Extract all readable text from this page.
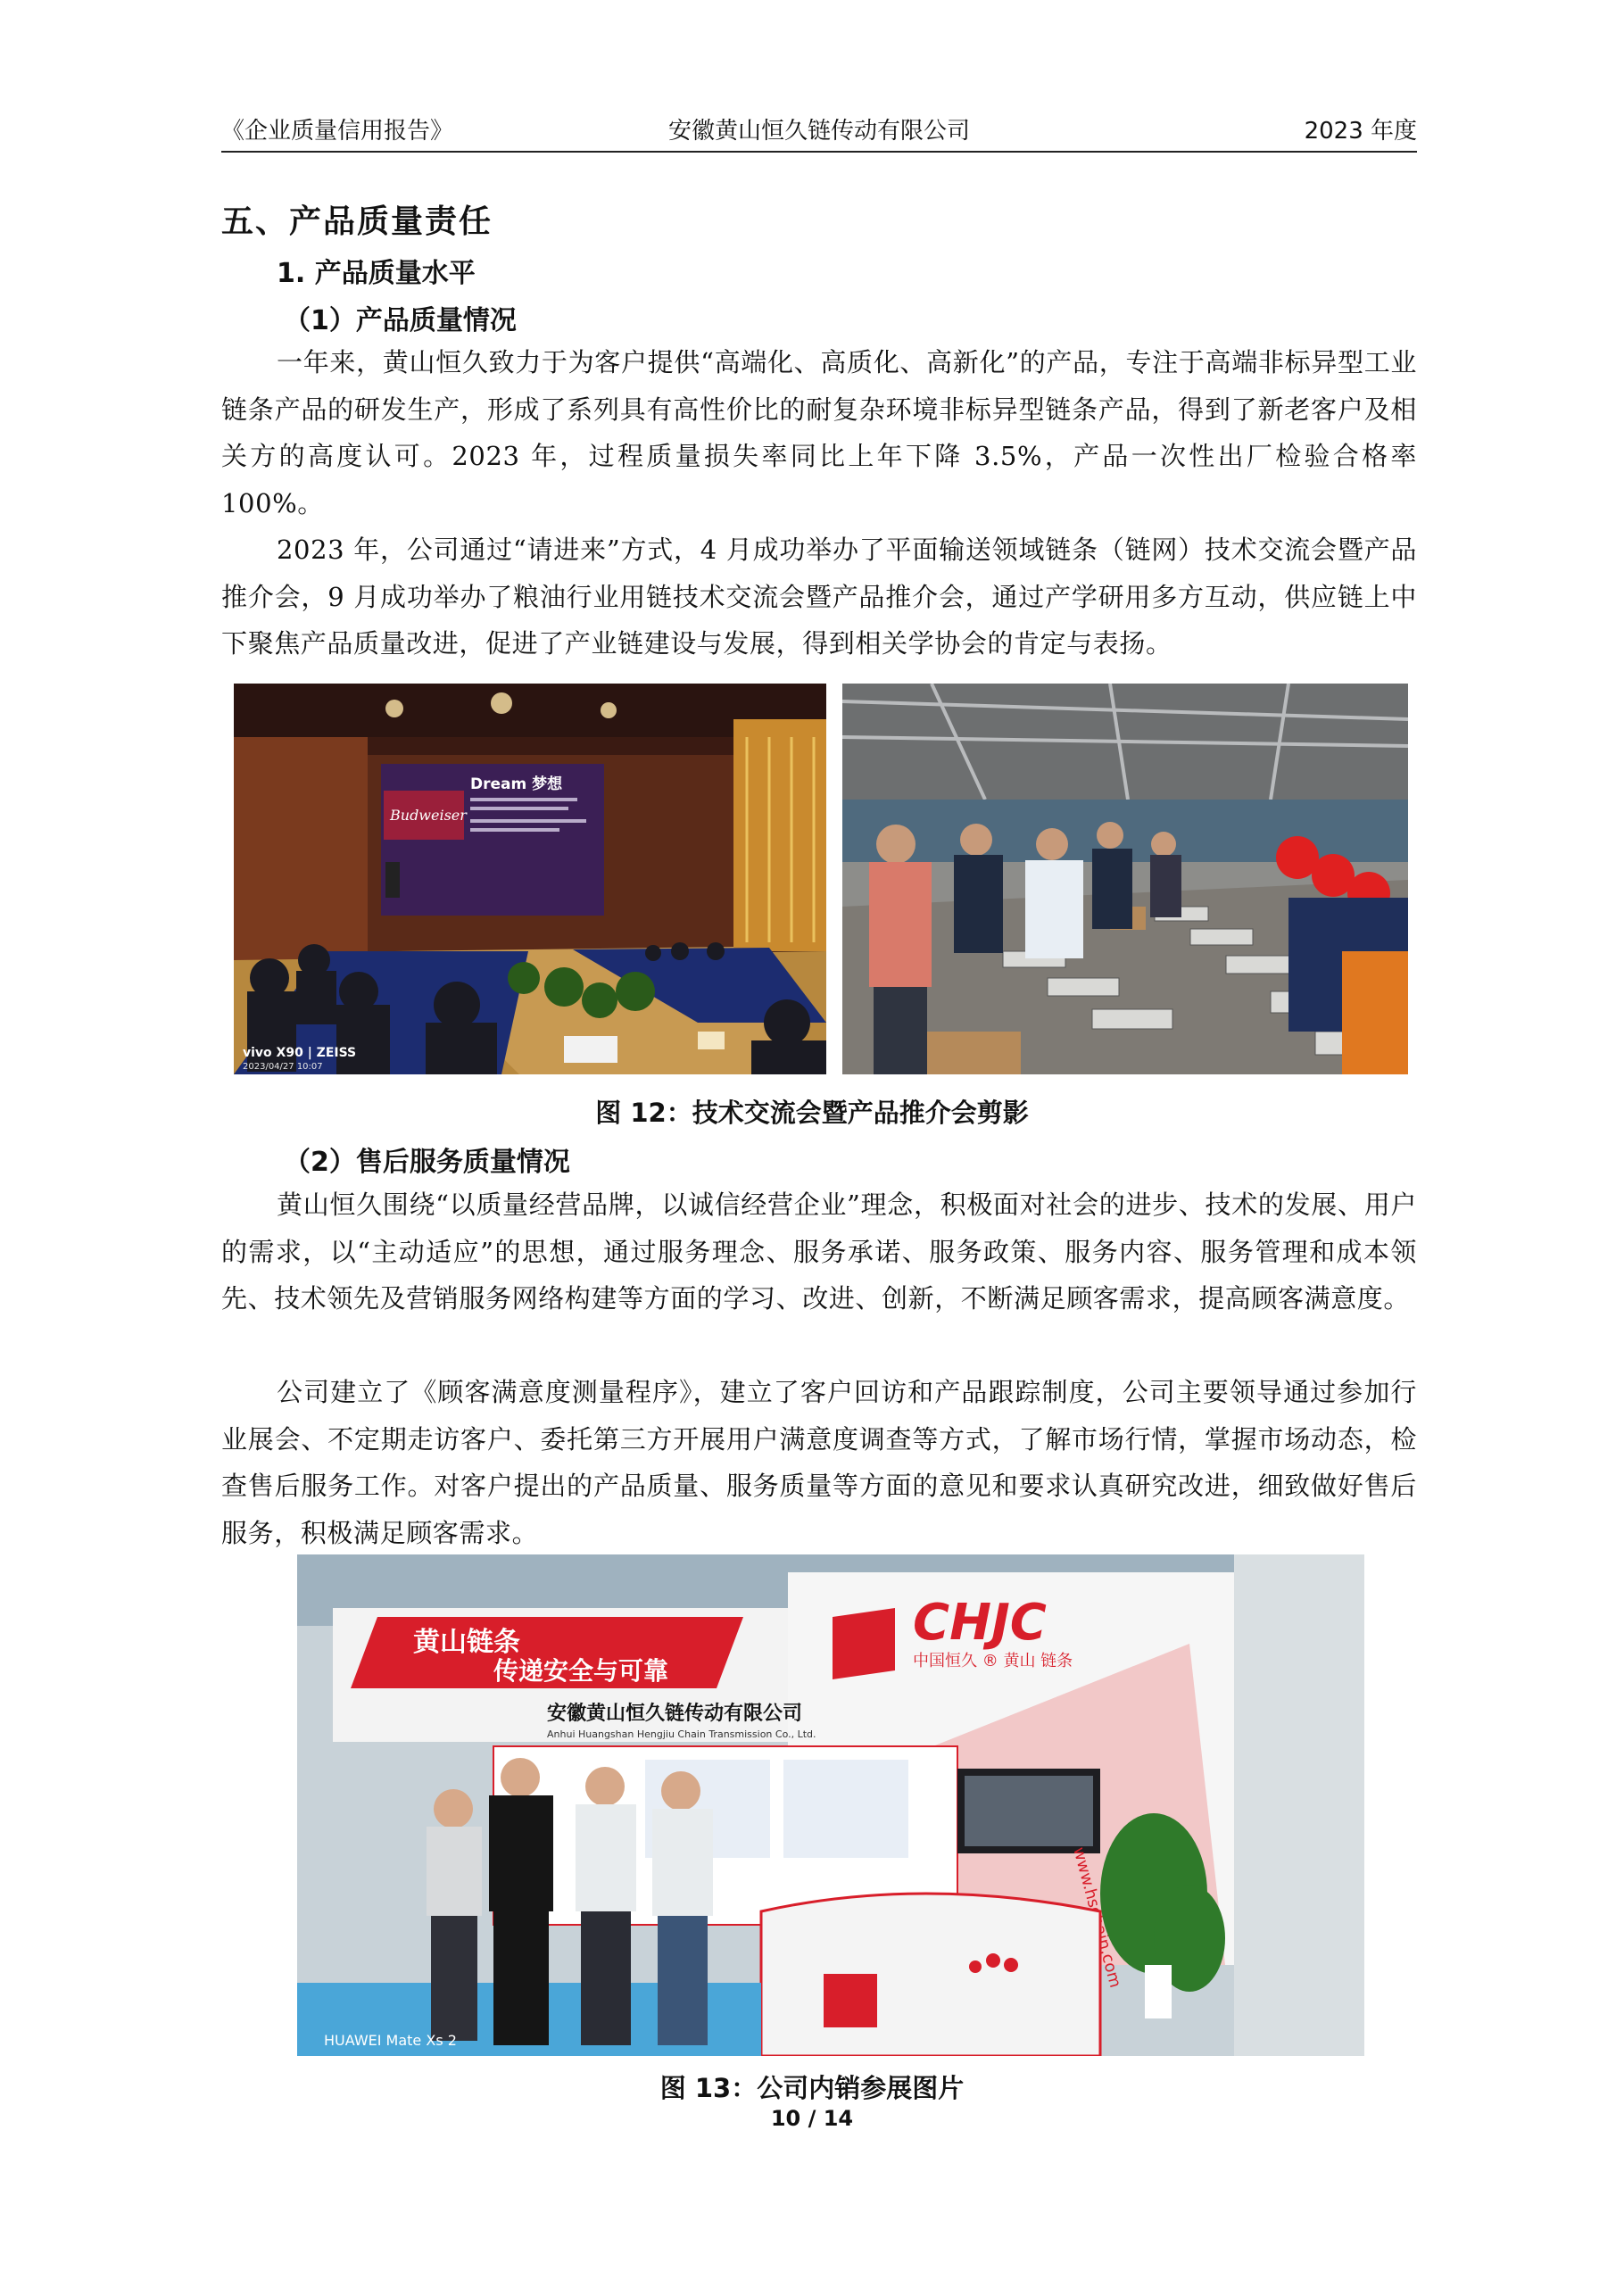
《企业质量信用报告》	安徽黄山恒久链传动有限公司	2023 年度
五、产品质量责任
1. 产品质量水平
（1）产品质量情况
一年来，黄山恒久致力于为客户提供“高端化、高质化、高新化”的产品，专注于高端非标异型工业链条产品的研发生产，形成了系列具有高性价比的耐复杂环境非标异型链条产品，得到了新老客户及相关方的高度认可。2023 年，过程质量损失率同比上年下降 3.5%，产品一次性出厂检验合格率 100%。
2023 年，公司通过“请进来”方式，4 月成功举办了平面输送领域链条（链网）技术交流会暨产品推介会，9 月成功举办了粮油行业用链技术交流会暨产品推介会，通过产学研用多方互动，供应链上中下聚焦产品质量改进，促进了产业链建设与发展，得到相关学协会的肯定与表扬。
Budweiser
Dream 梦想
vivo X90 | ZEISS
2023/04/27 10:07
图 12：技术交流会暨产品推介会剪影
（2）售后服务质量情况
黄山恒久围绕“以质量经营品牌，以诚信经营企业”理念，积极面对社会的进步、技术的发展、用户的需求，以“主动适应”的思想，通过服务理念、服务承诺、服务政策、服务内容、服务管理和成本领先、技术领先及营销服务网络构建等方面的学习、改进、创新，不断满足顾客需求，提高顾客满意度。
公司建立了《顾客满意度测量程序》，建立了客户回访和产品跟踪制度，公司主要领导通过参加行业展会、不定期走访客户、委托第三方开展用户满意度调查等方式，了解市场行情，掌握市场动态，检查售后服务工作。对客户提出的产品质量、服务质量等方面的意见和要求认真研究改进，细致做好售后服务，积极满足顾客需求。
黄山链条
传递安全与可靠
CHJC
中国恒久 ® 黄山 链条
安徽黄山恒久链传动有限公司
Anhui Huangshan Hengjiu Chain Transmission Co., Ltd.
HUAWEI Mate Xs 2
图 13：公司内销参展图片
10 / 14
